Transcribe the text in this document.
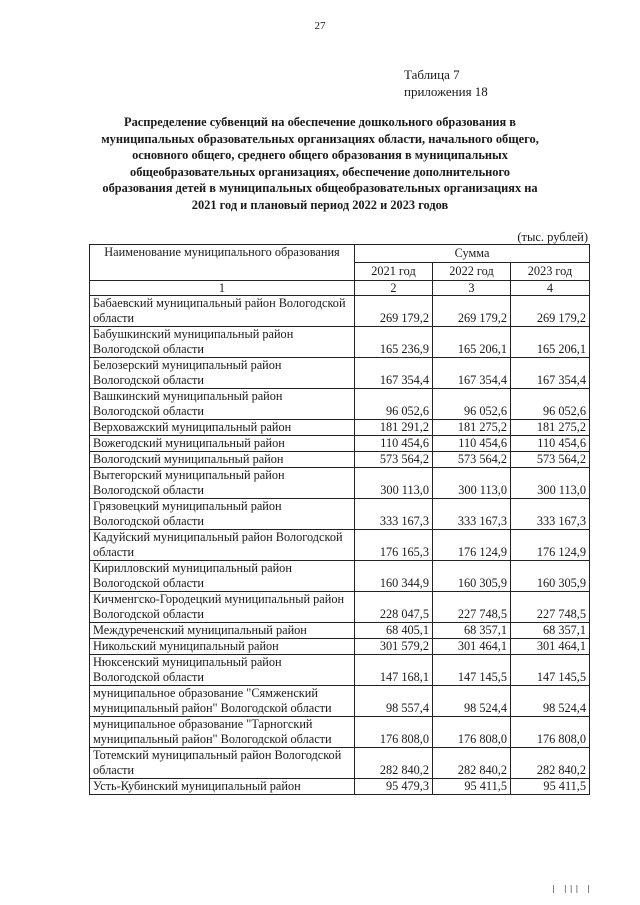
27
Таблица 7
приложения 18
Распределение субвенций на обеспечение дошкольного образования в муниципальных образовательных организациях области, начального общего, основного общего, среднего общего образования в муниципальных общеобразовательных организациях, обеспечение дополнительного образования детей в муниципальных общеобразовательных организациях на 2021 год и плановый период 2022 и 2023 годов
(тыс. рублей)
Наименование муниципального образования	Сумма		
	2021 год	2022 год	2023 год
1	2	3	4
Бабаевский муниципальный район Вологодской области	269 179,2	269 179,2	269 179,2
Бабушкинский муниципальный район Вологодской области	165 236,9	165 206,1	165 206,1
Белозерский муниципальный район Вологодской области	167 354,4	167 354,4	167 354,4
Вашкинский муниципальный район Вологодской области	96 052,6	96 052,6	96 052,6
Верховажский муниципальный район	181 291,2	181 275,2	181 275,2
Вожегодский муниципальный район	110 454,6	110 454,6	110 454,6
Вологодский муниципальный район	573 564,2	573 564,2	573 564,2
Вытегорский муниципальный район Вологодской области	300 113,0	300 113,0	300 113,0
Грязовецкий муниципальный район Вологодской области	333 167,3	333 167,3	333 167,3
Кадуйский муниципальный район Вологодской области	176 165,3	176 124,9	176 124,9
Кирилловский муниципальный район Вологодской области	160 344,9	160 305,9	160 305,9
Кичменгско-Городецкий муниципальный район Вологодской области	228 047,5	227 748,5	227 748,5
Междуреченский муниципальный район	68 405,1	68 357,1	68 357,1
Никольский муниципальный район	301 579,2	301 464,1	301 464,1
Нюксенский муниципальный район Вологодской области	147 168,1	147 145,5	147 145,5
муниципальное образование "Сямженский муниципальный район" Вологодской области	98 557,4	98 524,4	98 524,4
муниципальное образование "Тарногский муниципальный район" Вологодской области	176 808,0	176 808,0	176 808,0
Тотемский муниципальный район Вологодской области	282 840,2	282 840,2	282 840,2
Усть-Кубинский муниципальный район	95 479,3	95 411,5	95 411,5
| ||| |
